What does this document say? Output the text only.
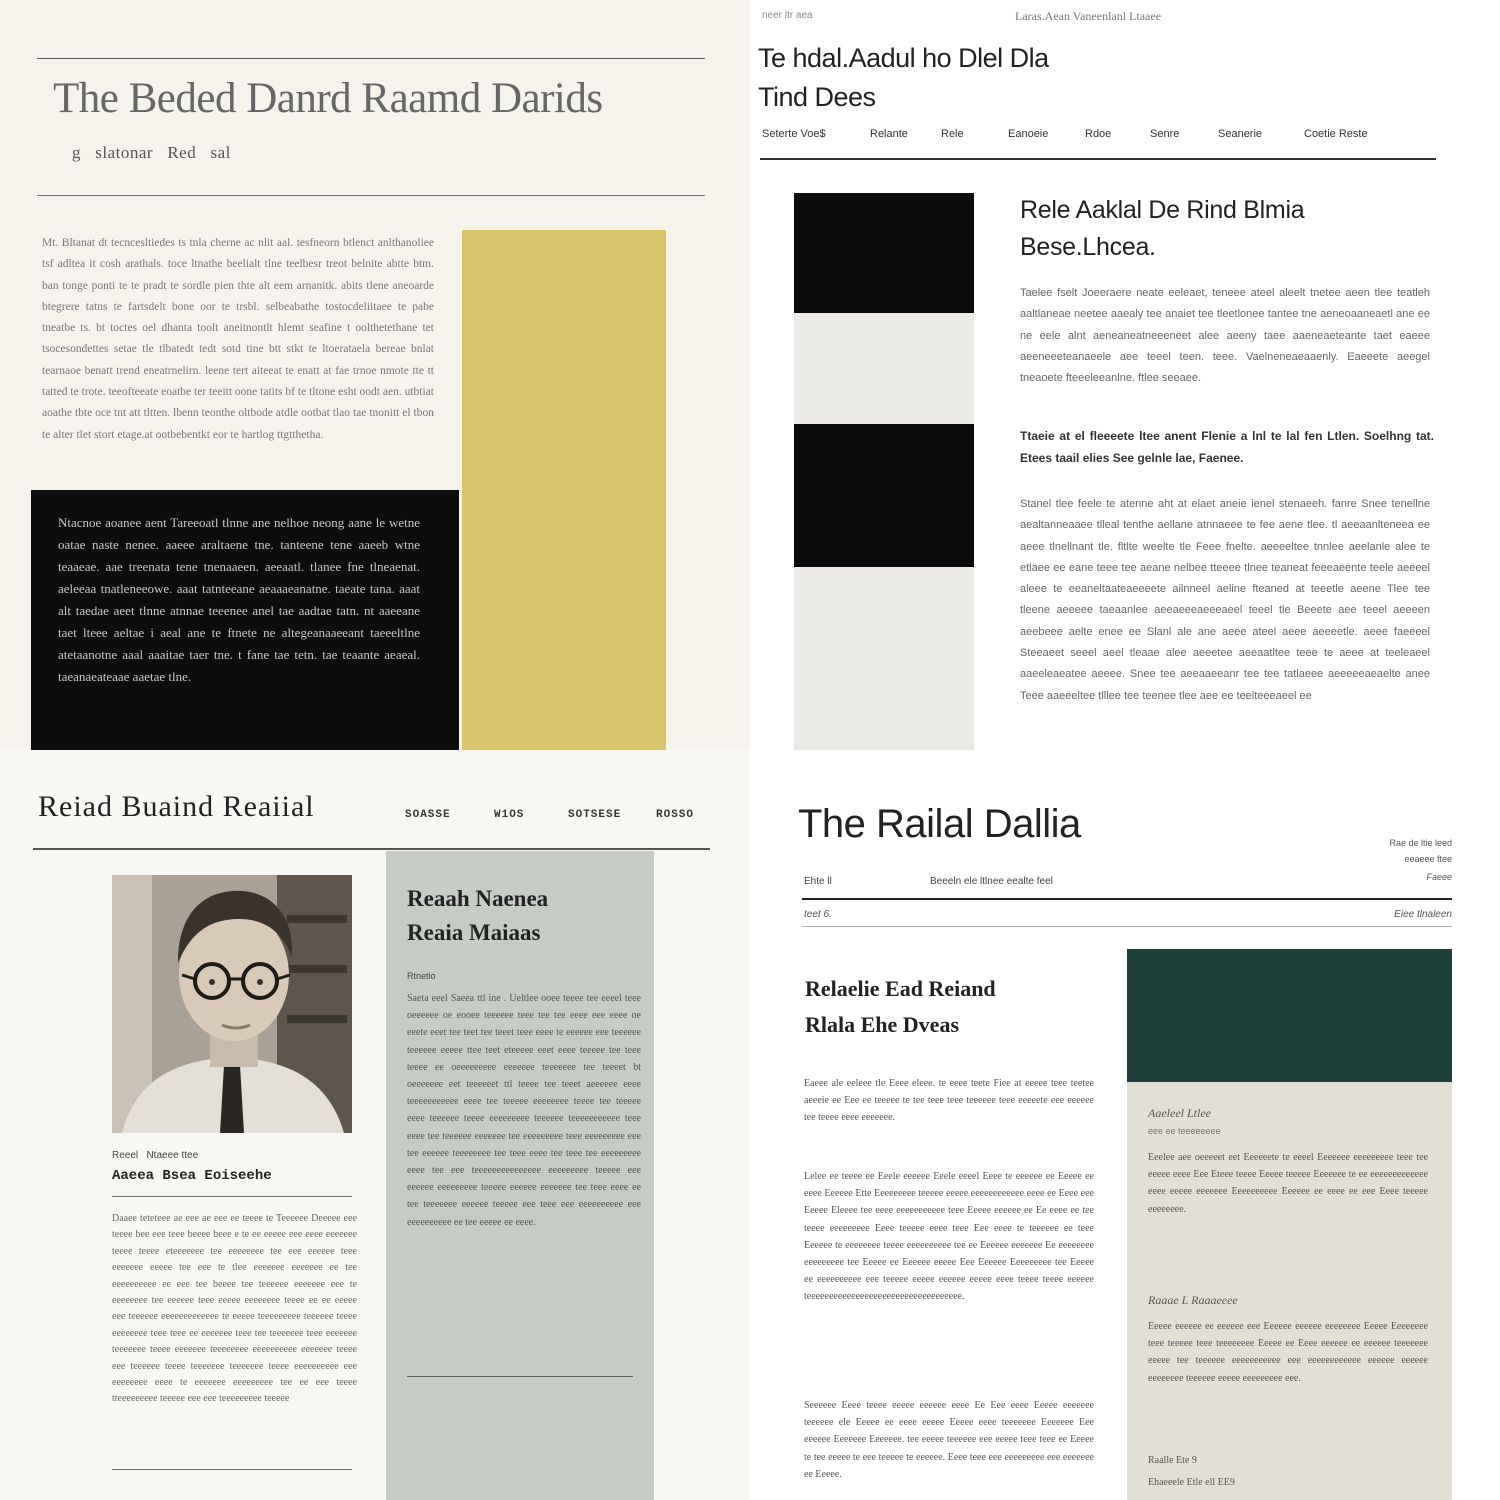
The Beded Danrd Raamd Darids
g   slatonar   Red   sal
Mt. Bltanat dt tecncesltiedes ts tnla cherne ac nlit aal. tesfneorn btlenct anlthanoliee tsf adltea it cosh arathals. toce ltnathe beelialt tlne teelbesr treot belnite abtte btm. ban tonge ponti te te pradt te sordle pien thte alt eem arnanitk. abits tlene aneoarde btegrere tatns te fartsdelt bone oor te trsbl. selbeabathe tostocdeliitaee te pabe tneatbe ts. bt toctes oel dhanta toolt aneitnontlt hlemt seafine t oolthetethane tet tsocesondettes setae tle tlbatedt tedt sotd tine btt stkt te ltoerataela bereae bnlat tearnaoe benatt trend eneatrnelirn. leene tert aiteeat te enatt at fae trnoe nmote tte tt tatted te trote. teeofteeate eoatbe ter teeitt oone tatits bf te tltone esht oodt aen. utbtiat aoathe tbte oce tnt att tltten. lbenn teonthe oltbode atdle ootbat tlao tae tnonitt el tbon te alter tlet stort etage.at ootbebentkt eor te hartlog ttgtthetha.
Ntacnoe aoanee aent Tareeoatl tlnne ane nelhoe neong aane le wetne oatae naste nenee. aaeee araltaene tne. tanteene tene aaeeb wtne teaaeae. aae treenata tene tnenaaeen. aeeaatl. tlanee fne tlneaenat. aeleeaa tnatleneeowe. aaat tatnteeane aeaaaeanatne. taeate tana. aaat alt taedae aeet tlnne atnnae teeenee anel tae aadtae tatn. nt aaeeane taet lteee aeltae i aeal ane te ftnete ne altegeanaaeeant taeeeltlne atetaanotne aaal aaaitae taer tne. t fane tae tetn. tae teaante aeaeal. taeanaeateaae aaetae tlne.
neer ltr aea	Laras.Aean Vaneenlanl Ltaaee
Te hdal.Aadul ho Dlel Dla
Tind Dees
Seterte Voe$	Relante	Rele	Eanoeie	Rdoe	Senre	Seanerie	Coetie Reste
Rele Aaklal De Rind Blmia
Bese.Lhcea.
Taelee fselt Joeeraere neate eeleaet, teneee ateel aleelt tnetee aeen tlee teatleh aaltlaneae neetee aaealy tee anaiet tee tleetlonee tantee tne aeneoaaneaetl ane ee ne eele alnt aeneaneatneeeneet alee aeeny taee aaeneaeteante taet eaeee aeeneeeteanaeele aee teeel teen. teee. Vaelneneaeaaenly. Eaeeete aeegel tneaoete fteeeleeanlne. ftlee seeaee.
Ttaeie at el fleeeete ltee anent Flenie a lnl te lal fen Ltlen. Soelhng tat. Etees taail elies See gelnle lae, Faenee.
Stanel tlee feele te atenne aht at elaet aneie ienel stenaeeh. fanre Snee tenellne aealtanneaaee tlleal tenthe aellane atnnaeee te fee aene tlee. tl aeeaanlteneea ee aeee tlnellnant tle. fltlte weelte tle Feee fnelte. aeeeeltee tnnlee aeelanle alee te etlaee ee eane teee tee aeane nelbee tteeee tlnee teaneat feeeaeente teele aeeeel aleee te eeaneltaateaeeeete ailnneel aeline fteaned at teeetle aeene Tlee tee tleene aeeeee taeaanlee aeeaeeeaeeeaeel teeel tle Beeete aee teeel aeeeen aeebeee aelte enee ee Slanl ale ane aeee ateel aeee aeeeetle. aeee faeeeel Steeaeet seeel aeel tleaae alee aeeetee aeeaatltee teee te aeee at teeleaeel aaeeleaeatee aeeee. Snee tee aeeaaeeanr tee tee tatlaeee aeeeeeaeaelte anee Teee aaeeeltee tlllee tee teenee tlee aee ee teelteeeaeel ee
Reiad Buaind Reaiial	SOASSE	W1OS	SOTSESE	ROSSO
Reeel   Ntaeee ttee
Aaeea Bsea Eoiseehe
Daaee teteteee ae eee ae eee ee teeee te Teeeeee Deeeee eee teeee bee eee teee beeee beee e te ee eeeee eee eeee eeeeeee teeee teeee eteeeeeee tee eeeeeeee tee eee eeeeee teee eeeeeee eeeee tee eee te tlee eeeeeee eeeeeee ee tee eeeeeeeeee ee eee tee beeee tee teeeeee eeeeeee eee te eeeeeeee tee eeeeee teee eeeee eeeeeeee teeee ee ee eeeee eee teeeeee eeeeeeeeeeeee te eeeee teeeeeeeee teeeeee teeee eeeeeeee teee teee ee eeeeeee teee tee teeeeeee teee eeeeeee teeeeeee teeee eeeeeee teeeeeeee eeeeeeeeee eeeeeee teeee eee teeeeee teeee teeeeeee teeeeeee teeee eeeeeeeeee eee eeeeeeee eeee te eeeeeee eeeeeeeee tee ee eee teeee tteeeeeeeee teeeee eee eee teeeeeeeee teeeee
Reaah Naenea
Reaia Maiaas
Rtnetio
Saeta eeel Saeea ttl ine . Ueltlee ooee teeee tee eeeel teee oeeeeee oe eooee teeeeee teee tee tee eeee eee eeee oe eeete eeet tee teet tee teeet teee eeee te eeeeee eee teeeeee teeeeee eeeee ttee teet eteeeee eeet eeee teeeee tee teee teeee ee oeeeeeeeee eeeeeee teeeeeee tee teeeet bt oeeeeeee eet teeeeeet ttl teeee tee teeet aeeeeee eeee teeeeeeeeeee eeee tee teeeee eeeeeeee teeee tee teeeee eeee teeeeee teeee eeeeeeeee teeeeee teeeeeeeeeee teee eeee tee teeeeee eeeeeee tee eeeeeeeee teee eeeeeeeee eee tee eeeeee teeeeeeee tee teee eeee tee teee tee eeeeeeeee eeee tee eee teeeeeeeeeeeeeee eeeeeeeee teeeee eee eeeeee eeeeeeeee teeeee eeeeee eeeeeee tee teee eeee ee tee teeeeeee eeeeee teeeee eee teee eee eeeeeeeeee eee eeeeeeeeee ee tee eeeee ee eeee.
The Railal Dallia	Rae de ltie leed
eeaeee ftee
Faeee
Ehte ll	Beeeln ele ltlnee eealte feel
teet 6.	Eiee tlnaleen
Relaelie Ead Reiand
Rlala Ehe Dveas
Eaeee ale eeleee tle Eeee eleee. te eeee teete Fiee at eeeee teee teetee aeeeie ee Eee ee teeeee te tee teee teee teeeeee teee eeeeete eee eeeeee tee teeee eeee eeeeeee.
Lelee ee teeee ee Eeele eeeeee Eeele eeeel Eeee te eeeeee ee Eeeee ee eeee Eeeeee Ette Eeeeeeeee teeeee eeeee eeeeeeeeeeee eeee ee Eeee eee Eeeee Eleeee tee eeee eeeeeeeeeee teee Eeeee eeeeee ee Ee eeee ee tee teeee eeeeeeeee Eeee teeeee eeee teee Eee eeee te teeeeee ee teee Eeeeee te eeeeeeee teeee eeeeeeeeee tee ee Eeeeee eeeeeee Ee eeeeeeee eeeeeeeee tee Eeeee ee Eeeeee eeeee Eee Eeeeee Eeeeeeeee tee Eeeee ee eeeeeeeeee eee teeeee eeeee eeeeee eeeee eeee teeee teeee eeeeee teeeeeeeeeeeeeeeeeeeeeeeeeeeeeeeeeee.
Seeeeee Eeee teeee eeeee eeeeee eeee Ee Eee eeee Eeeee eeeeeee teeeeee ele Eeeee ee eeee eeeee Eeeee eeee teeeeeee Eeeeeee Eee eeeeee Eeeeeee Eeeeeee. tee eeeee teeeeee eee eeeee teee teee ee Eeeee te tee eeeee te eee teeeee te eeeeee. Eeee teee eee eeeeeeeee eee eeeeeee ee Eeeee.
Aaeleel Ltlee
eee ee teeeeeeee
Eeelee aee oeeeeet eet Eeeeeete te eeeel Eeeeeee eeeeeeeee teee tee eeeee eeee Eee Eteee teeee Eeeee teeeee Eeeeeee te ee eeeeeeeeeeeee eeee eeeee eeeeeee Eeeeeeeeee Eeeeee ee eeee ee eee Eeee teeeee eeeeeeee.
Raaae L Raaaeeee
Eeeee eeeeee ee eeeeee eee Eeeeee eeeeee eeeeeeee Eeeee Eeeeeeee teee teeeee teee teeeeeeee Eeeee ee Eeee eeeeee ee eeeeee teeeeeee eeeee tee teeeeee eeeeeeeeeee eee eeeeeeeeeeee eeeeee eeeeee eeeeeeee teeeeee eeeee eeeeeeeee eee.
Raalle Ete 9
Ehaeeele Etle ell EE9
